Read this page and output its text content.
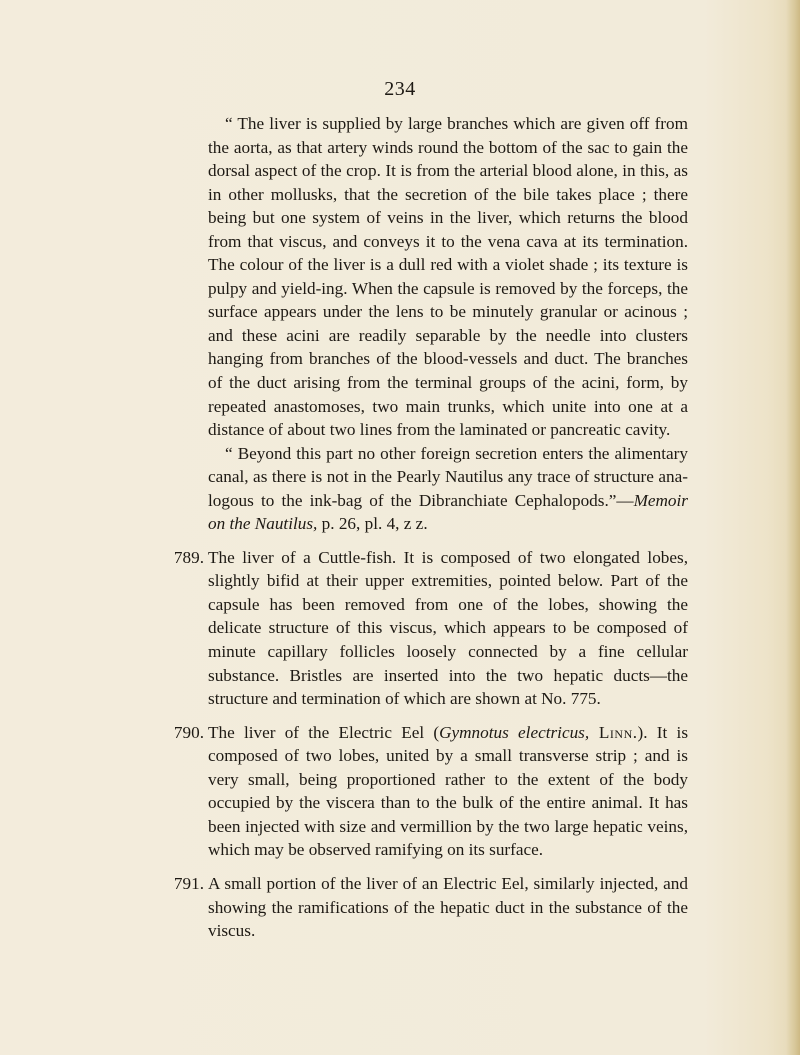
234

“ The liver is supplied by large branches which are given off from the aorta, as that artery winds round the bottom of the sac to gain the dorsal aspect of the crop. It is from the arterial blood alone, in this, as in other mollusks, that the secretion of the bile takes place ; there being but one system of veins in the liver, which returns the blood from that viscus, and conveys it to the vena cava at its termination. The colour of the liver is a dull red with a violet shade ; its texture is pulpy and yield-ing. When the capsule is removed by the forceps, the surface appears under the lens to be minutely granular or acinous ; and these acini are readily separable by the needle into clusters hanging from branches of the blood-vessels and duct. The branches of the duct arising from the terminal groups of the acini, form, by repeated anastomoses, two main trunks, which unite into one at a distance of about two lines from the laminated or pancreatic cavity.

“ Beyond this part no other foreign secretion enters the alimentary canal, as there is not in the Pearly Nautilus any trace of structure ana-logous to the ink-bag of the Dibranchiate Cephalopods.”—Memoir on the Nautilus, p. 26, pl. 4, z z.

789. The liver of a Cuttle-fish. It is composed of two elongated lobes, slightly bifid at their upper extremities, pointed below. Part of the capsule has been removed from one of the lobes, showing the delicate structure of this viscus, which appears to be composed of minute capillary follicles loosely connected by a fine cellular substance. Bristles are inserted into the two hepatic ducts—the structure and termination of which are shown at No. 775.
790. The liver of the Electric Eel (Gymnotus electricus, Linn.). It is composed of two lobes, united by a small transverse strip ; and is very small, being proportioned rather to the extent of the body occupied by the viscera than to the bulk of the entire animal. It has been injected with size and vermillion by the two large hepatic veins, which may be observed ramifying on its surface.
791. A small portion of the liver of an Electric Eel, similarly injected, and showing the ramifications of the hepatic duct in the substance of the viscus.
